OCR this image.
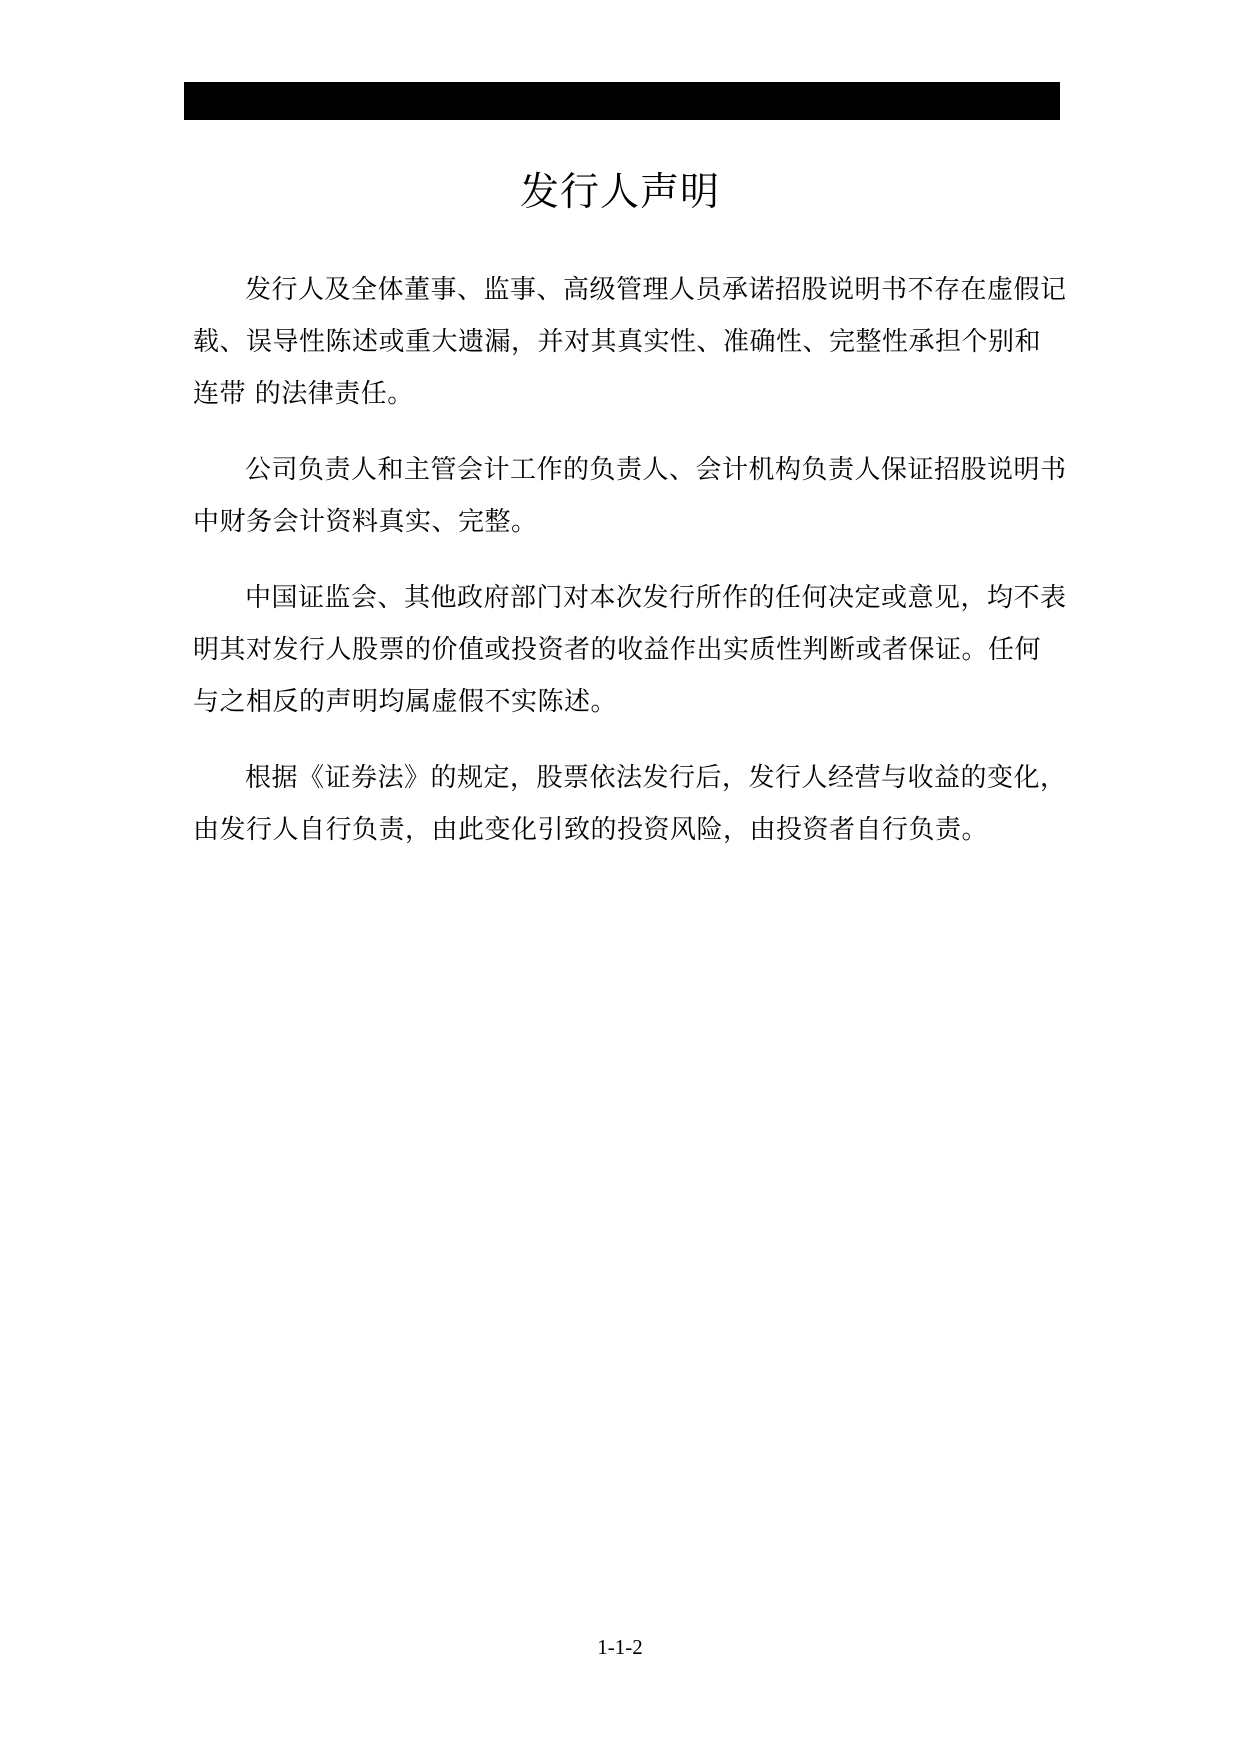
发行人声明

发行人及全体董事、监事、高级管理人员承诺招股说明书不存在虚假记 载、误导性陈述或重大遗漏，并对其真实性、准确性、完整性承担个别和连带 的法律责任。

公司负责人和主管会计工作的负责人、会计机构负责人保证招股说明书中财务会计资料真实、完整。

中国证监会、其他政府部门对本次发行所作的任何决定或意见，均不表明其对发行人股票的价值或投资者的收益作出实质性判断或者保证。任何与之相反的声明均属虚假不实陈述。

根据《证券法》的规定，股票依法发行后，发行人经营与收益的变化，由发行人自行负责，由此变化引致的投资风险，由投资者自行负责。

1-1-2
